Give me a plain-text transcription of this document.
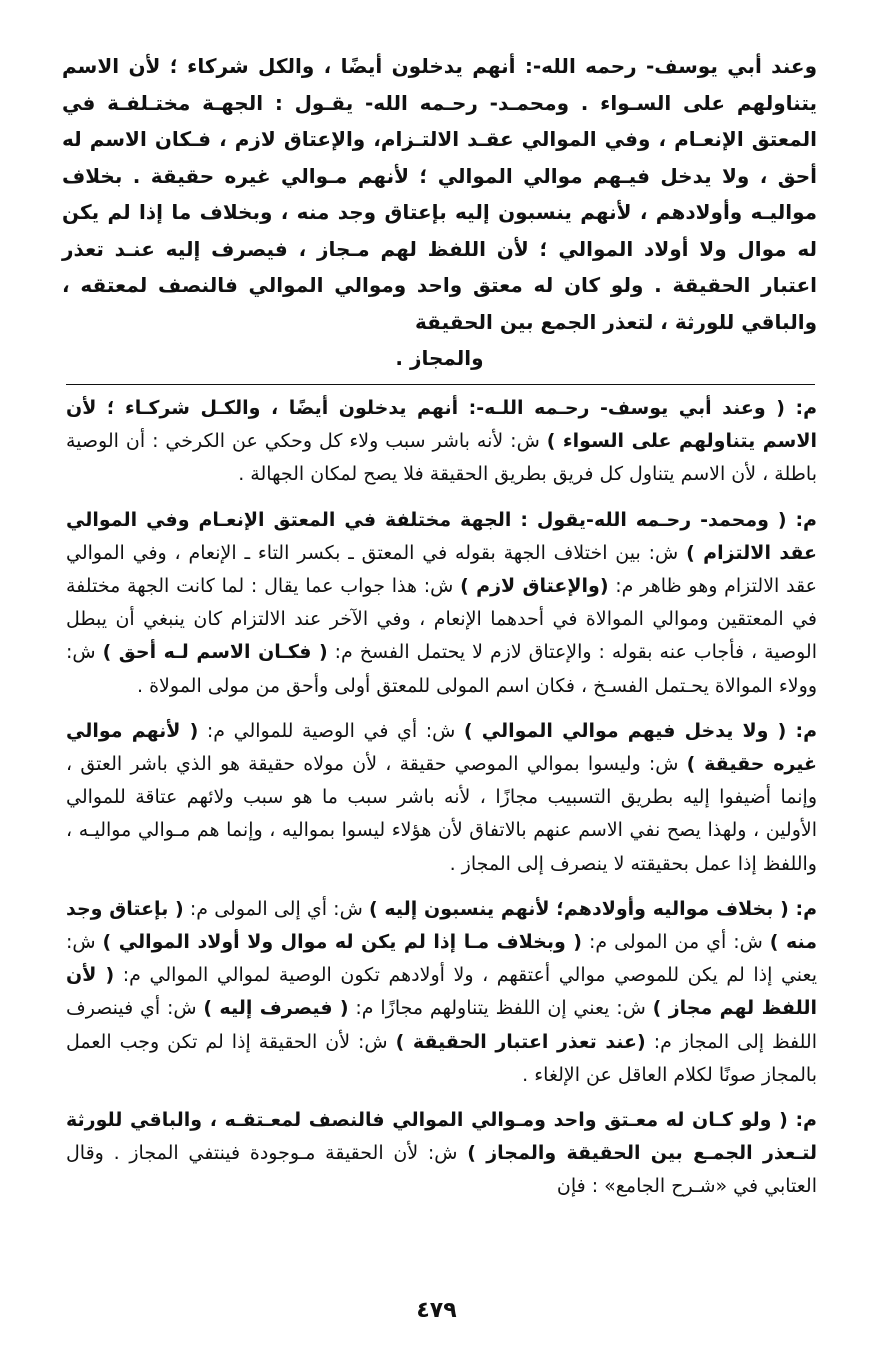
وعند أبي يوسف- رحمه الله-: أنهم يدخلون أيضًا ، والكل شركاء ؛ لأن الاسم يتناولهم على السـواء . ومحمـد- رحـمه الله- يقـول : الجهـة مختـلفـة في المعتق الإنعـام ، وفي الموالي عقـد الالتـزام، والإعتاق لازم ، فـكان الاسم له أحق ، ولا يدخل فيـهم موالي الموالي ؛ لأنهم مـوالي غيره حقيقة . بخلاف مواليـه وأولادهم ، لأنهم ينسبون إليه بإعتاق وجد منه ، وبخلاف ما إذا لم يكن له موال ولا أولاد الموالي ؛ لأن اللفظ لهم مـجاز ، فيصرف إليه عنـد تعذر اعتبار الحقيقة . ولو كان له معتق واحد وموالي الموالي فالنصف لمعتقه ، والباقي للورثة ، لتعذر الجمع بين الحقيقة
والمجاز .

م: ( وعند أبي يوسف- رحـمه اللـه-: أنهم يدخلون أيضًا ، والكـل شركـاء ؛ لأن الاسم يتناولهم على السواء ) ش: لأنه باشر سبب ولاء كل وحكي عن الكرخي : أن الوصية باطلة ، لأن الاسم يتناول كل فريق بطريق الحقيقة فلا يصح لمكان الجهالة .

م: ( ومحمد- رحـمه الله-يقول : الجهة مختلفة في المعتق الإنعـام وفي الموالي عقد الالتزام ) ش: بين اختلاف الجهة بقوله في المعتق ـ بكسر التاء ـ الإنعام ، وفي الموالي عقد الالتزام وهو ظاهر م: (والإعتاق لازم ) ش: هذا جواب عما يقال : لما كانت الجهة مختلفة في المعتقين وموالي الموالاة في أحدهما الإنعام ، وفي الآخر عند الالتزام كان ينبغي أن يبطل الوصية ، فأجاب عنه بقوله : والإعتاق لازم لا يحتمل الفسخ م: ( فكـان الاسم لـه أحق ) ش: وولاء الموالاة يحـتمل الفسـخ ، فكان اسم المولى للمعتق أولى وأحق من مولى المولاة .

م: ( ولا يدخل فيهم موالي الموالي ) ش: أي في الوصية للموالي م: ( لأنهم موالي غيره حقيقة ) ش: وليسوا بموالي الموصي حقيقة ، لأن مولاه حقيقة هو الذي باشر العتق ، وإنما أضيفوا إليه بطريق التسبيب مجازًا ، لأنه باشر سبب ما هو سبب ولائهم عتاقة للموالي الأولين ، ولهذا يصح نفي الاسم عنهم بالاتفاق لأن هؤلاء ليسوا بمواليه ، وإنما هم مـوالي مواليـه ، واللفظ إذا عمل بحقيقته لا ينصرف إلى المجاز .

م: ( بخلاف مواليه وأولادهم؛ لأنهم ينسبون إليه ) ش: أي إلى المولى م: ( بإعتاق وجد منه ) ش: أي من المولى م: ( وبخلاف مـا إذا لم يكن له موال ولا أولاد الموالي ) ش: يعني إذا لم يكن للموصي موالي أعتقهم ، ولا أولادهم تكون الوصية لموالي الموالي م: ( لأن اللفظ لهم مجاز ) ش: يعني إن اللفظ يتناولهم مجازًا م: ( فيصرف إليه ) ش: أي فينصرف اللفظ إلى المجاز م: (عند تعذر اعتبار الحقيقة ) ش: لأن الحقيقة إذا لم تكن وجب العمل بالمجاز صونًا لكلام العاقل عن الإلغاء .

م: ( ولو كـان له معـتق واحد ومـوالي الموالي فالنصف لمعـتقـه ، والباقي للورثة لتـعذر الجمـع بين الحقيقة والمجاز ) ش: لأن الحقيقة مـوجودة فينتفي المجاز . وقال العتابي في «شـرح الجامع» : فإن

٤٧٩
